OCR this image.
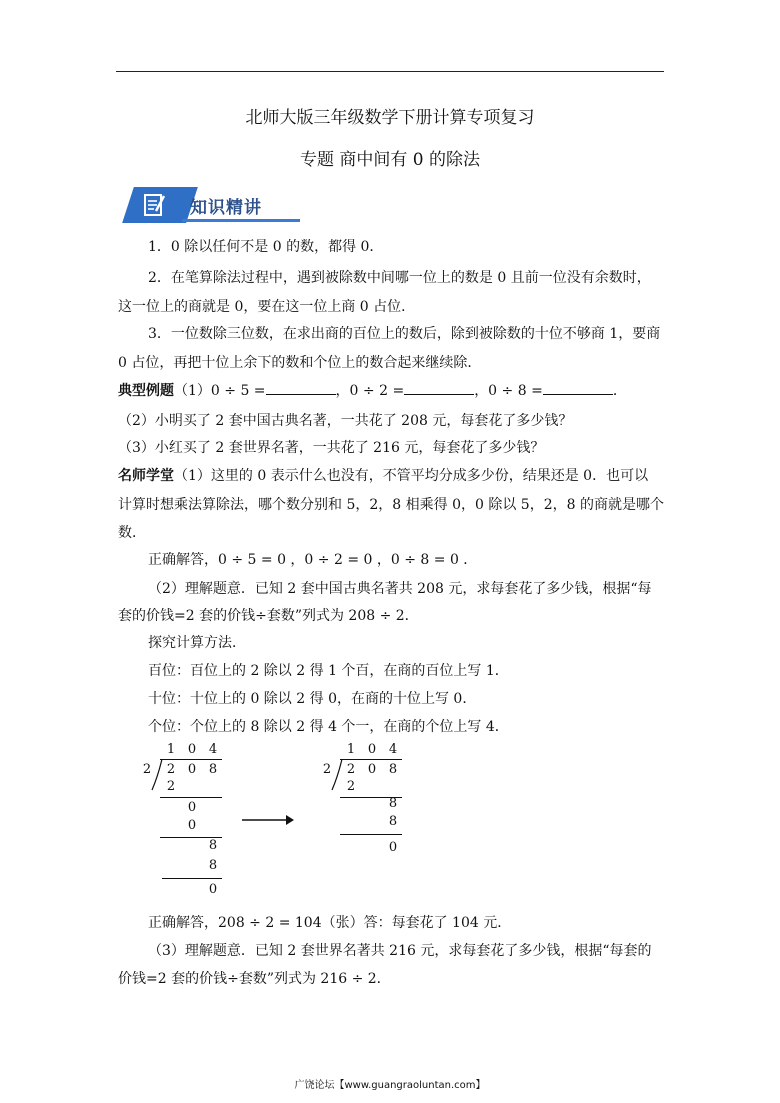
北师大版三年级数学下册计算专项复习
专题 商中间有 0 的除法
知识精讲
1．0 除以任何不是 0 的数，都得 0．
2．在笔算除法过程中，遇到被除数中间哪一位上的数是 0 且前一位没有余数时，
这一位上的商就是 0，要在这一位上商 0 占位．
3．一位数除三位数，在求出商的百位上的数后，除到被除数的十位不够商 1，要商
0 占位，再把十位上余下的数和个位上的数合起来继续除．
典型例题（1）0 ÷ 5 =	，0 ÷ 2 =	，0 ÷ 8 =	．
（2）小明买了 2 套中国古典名著，一共花了 208 元，每套花了多少钱？
（3）小红买了 2 套世界名著，一共花了 216 元，每套花了多少钱？
名师学堂（1）这里的 0 表示什么也没有，不管平均分成多少份，结果还是 0．也可以
计算时想乘法算除法，哪个数分别和 5，2，8 相乘得 0，0 除以 5，2，8 的商就是哪个
数．
正确解答，0 ÷ 5 = 0 ，0 ÷ 2 = 0 ，0 ÷ 8 = 0 ．
（2）理解题意．已知 2 套中国古典名著共 208 元，求每套花了多少钱，根据“每
套的价钱=2 套的价钱÷套数”列式为 208 ÷ 2．
探究计算方法．
百位：百位上的 2 除以 2 得 1 个百，在商的百位上写 1．
十位：十位上的 0 除以 2 得 0，在商的十位上写 0．
个位：个位上的 8 除以 2 得 4 个一，在商的个位上写 4．
1 0 4
2 2 0 8
2
0
0
8
8
0
1 0 4
2 2 0 8
2
8
8
0
正确解答，208 ÷ 2 = 104（张）答：每套花了 104 元．
（3）理解题意．已知 2 套世界名著共 216 元，求每套花了多少钱，根据“每套的
价钱=2 套的价钱÷套数”列式为 216 ÷ 2．
广饶论坛【www.guangraoluntan.com】
